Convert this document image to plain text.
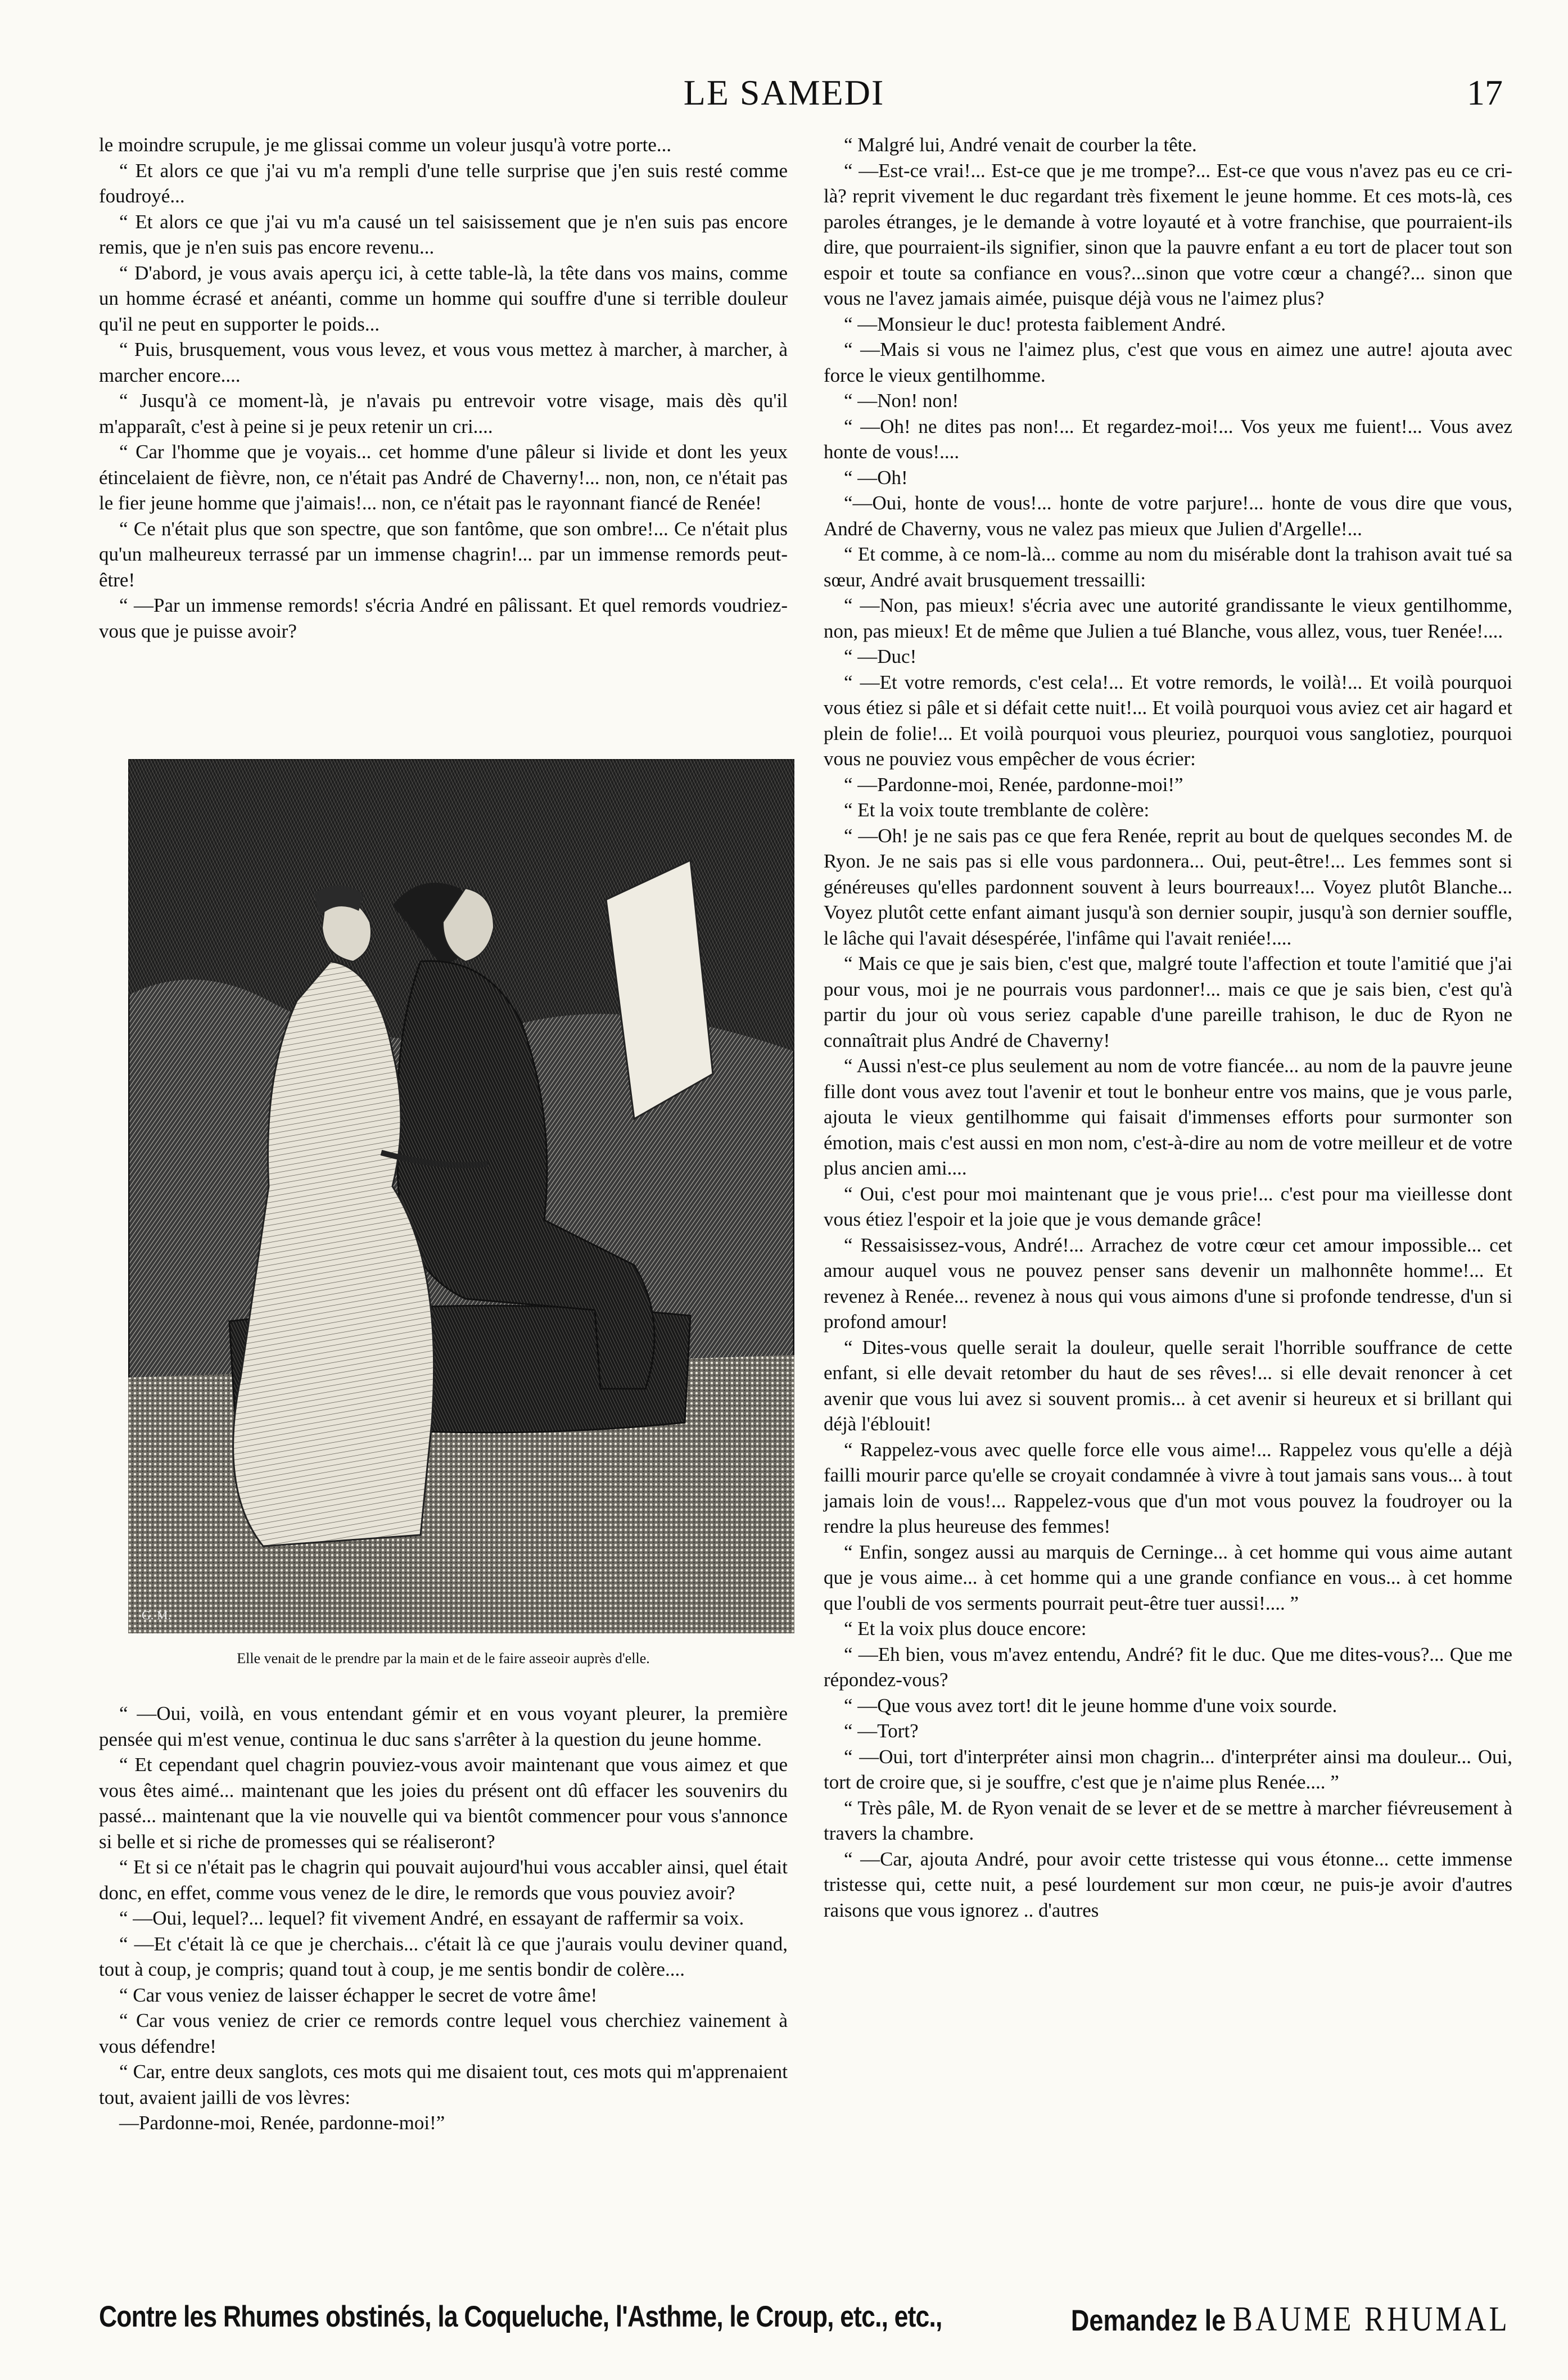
LE SAMEDI	17

le moindre scrupule, je me glissai comme un voleur jusqu'à votre porte...

“ Et alors ce que j'ai vu m'a rempli d'une telle surprise que j'en suis resté comme foudroyé...

“ Et alors ce que j'ai vu m'a causé un tel saisissement que je n'en suis pas encore remis, que je n'en suis pas encore revenu...

“ D'abord, je vous avais aperçu ici, à cette table-là, la tête dans vos mains, comme un homme écrasé et anéanti, comme un homme qui souffre d'une si terrible douleur qu'il ne peut en supporter le poids...

“ Puis, brusquement, vous vous levez, et vous vous mettez à marcher, à marcher, à marcher encore....

“ Jusqu'à ce moment-là, je n'avais pu entrevoir votre visage, mais dès qu'il m'apparaît, c'est à peine si je peux retenir un cri....

“ Car l'homme que je voyais... cet homme d'une pâleur si livide et dont les yeux étincelaient de fièvre, non, ce n'était pas André de Chaverny!... non, non, ce n'était pas le fier jeune homme que j'aimais!... non, ce n'était pas le rayonnant fiancé de Renée!

“ Ce n'était plus que son spectre, que son fantôme, que son ombre!... Ce n'était plus qu'un malheureux terrassé par un immense chagrin!... par un immense remords peut-être!

“ —Par un immense remords! s'écria André en pâlissant. Et quel remords voudriez-vous que je puisse avoir?

G. M.
Elle venait de le prendre par la main et de le faire asseoir auprès d'elle.

“ —Oui, voilà, en vous entendant gémir et en vous voyant pleurer, la première pensée qui m'est venue, continua le duc sans s'arrêter à la question du jeune homme.

“ Et cependant quel chagrin pouviez-vous avoir maintenant que vous aimez et que vous êtes aimé... maintenant que les joies du présent ont dû effacer les souvenirs du passé... maintenant que la vie nouvelle qui va bientôt commencer pour vous s'annonce si belle et si riche de promesses qui se réaliseront?

“ Et si ce n'était pas le chagrin qui pouvait aujourd'hui vous accabler ainsi, quel était donc, en effet, comme vous venez de le dire, le remords que vous pouviez avoir?

“ —Oui, lequel?... lequel? fit vivement André, en essayant de raffermir sa voix.

“ —Et c'était là ce que je cherchais... c'était là ce que j'aurais voulu deviner quand, tout à coup, je compris; quand tout à coup, je me sentis bondir de colère....

“ Car vous veniez de laisser échapper le secret de votre âme!

“ Car vous veniez de crier ce remords contre lequel vous cherchiez vainement à vous défendre!

“ Car, entre deux sanglots, ces mots qui me disaient tout, ces mots qui m'apprenaient tout, avaient jailli de vos lèvres:

—Pardonne-moi, Renée, pardonne-moi!”

“ Malgré lui, André venait de courber la tête.

“ —Est-ce vrai!... Est-ce que je me trompe?... Est-ce que vous n'avez pas eu ce cri-là? reprit vivement le duc regardant très fixement le jeune homme. Et ces mots-là, ces paroles étranges, je le demande à votre loyauté et à votre franchise, que pourraient-ils dire, que pourraient-ils signifier, sinon que la pauvre enfant a eu tort de placer tout son espoir et toute sa confiance en vous?...sinon que votre cœur a changé?... sinon que vous ne l'avez jamais aimée, puisque déjà vous ne l'aimez plus?

“ —Monsieur le duc! protesta faiblement André.

“ —Mais si vous ne l'aimez plus, c'est que vous en aimez une autre! ajouta avec force le vieux gentilhomme.

“ —Non! non!

“ —Oh! ne dites pas non!... Et regardez-moi!... Vos yeux me fuient!... Vous avez honte de vous!....

“ —Oh!

“—Oui, honte de vous!... honte de votre parjure!... honte de vous dire que vous, André de Chaverny, vous ne valez pas mieux que Julien d'Argelle!...

“ Et comme, à ce nom-là... comme au nom du misérable dont la trahison avait tué sa sœur, André avait brusquement tressailli:

“ —Non, pas mieux! s'écria avec une autorité grandissante le vieux gentilhomme, non, pas mieux! Et de même que Julien a tué Blanche, vous allez, vous, tuer Renée!....

“ —Duc!

“ —Et votre remords, c'est cela!... Et votre remords, le voilà!... Et voilà pourquoi vous étiez si pâle et si défait cette nuit!... Et voilà pourquoi vous aviez cet air hagard et plein de folie!... Et voilà pourquoi vous pleuriez, pourquoi vous sanglotiez, pourquoi vous ne pouviez vous empêcher de vous écrier:

“ —Pardonne-moi, Renée, pardonne-moi!”

“ Et la voix toute tremblante de colère:

“ —Oh! je ne sais pas ce que fera Renée, reprit au bout de quelques secondes M. de Ryon. Je ne sais pas si elle vous pardonnera... Oui, peut-être!... Les femmes sont si généreuses qu'elles pardonnent souvent à leurs bourreaux!... Voyez plutôt Blanche... Voyez plutôt cette enfant aimant jusqu'à son dernier soupir, jusqu'à son dernier souffle, le lâche qui l'avait désespérée, l'infâme qui l'avait reniée!....

“ Mais ce que je sais bien, c'est que, malgré toute l'affection et toute l'amitié que j'ai pour vous, moi je ne pourrais vous pardonner!... mais ce que je sais bien, c'est qu'à partir du jour où vous seriez capable d'une pareille trahison, le duc de Ryon ne connaîtrait plus André de Chaverny!

“ Aussi n'est-ce plus seulement au nom de votre fiancée... au nom de la pauvre jeune fille dont vous avez tout l'avenir et tout le bonheur entre vos mains, que je vous parle, ajouta le vieux gentilhomme qui faisait d'immenses efforts pour surmonter son émotion, mais c'est aussi en mon nom, c'est-à-dire au nom de votre meilleur et de votre plus ancien ami....

“ Oui, c'est pour moi maintenant que je vous prie!... c'est pour ma vieillesse dont vous étiez l'espoir et la joie que je vous demande grâce!

“ Ressaisissez-vous, André!... Arrachez de votre cœur cet amour impossible... cet amour auquel vous ne pouvez penser sans devenir un malhonnête homme!... Et revenez à Renée... revenez à nous qui vous aimons d'une si profonde tendresse, d'un si profond amour!

“ Dites-vous quelle serait la douleur, quelle serait l'horrible souffrance de cette enfant, si elle devait retomber du haut de ses rêves!... si elle devait renoncer à cet avenir que vous lui avez si souvent promis... à cet avenir si heureux et si brillant qui déjà l'éblouit!

“ Rappelez-vous avec quelle force elle vous aime!... Rappelez vous qu'elle a déjà failli mourir parce qu'elle se croyait condamnée à vivre à tout jamais sans vous... à tout jamais loin de vous!... Rappelez-vous que d'un mot vous pouvez la foudroyer ou la rendre la plus heureuse des femmes!

“ Enfin, songez aussi au marquis de Cerninge... à cet homme qui vous aime autant que je vous aime... à cet homme qui a une grande confiance en vous... à cet homme que l'oubli de vos serments pourrait peut-être tuer aussi!.... ”

“ Et la voix plus douce encore:

“ —Eh bien, vous m'avez entendu, André? fit le duc. Que me dites-vous?... Que me répondez-vous?

“ —Que vous avez tort! dit le jeune homme d'une voix sourde.

“ —Tort?

“ —Oui, tort d'interpréter ainsi mon chagrin... d'interpréter ainsi ma douleur... Oui, tort de croire que, si je souffre, c'est que je n'aime plus Renée.... ”

“ Très pâle, M. de Ryon venait de se lever et de se mettre à marcher fiévreusement à travers la chambre.

“ —Car, ajouta André, pour avoir cette tristesse qui vous étonne... cette immense tristesse qui, cette nuit, a pesé lourdement sur mon cœur, ne puis-je avoir d'autres raisons que vous ignorez .. d'autres

Contre les Rhumes obstinés, la Coqueluche, l'Asthme, le Croup, etc., etc.,	Demandez le BAUME RHUMAL
